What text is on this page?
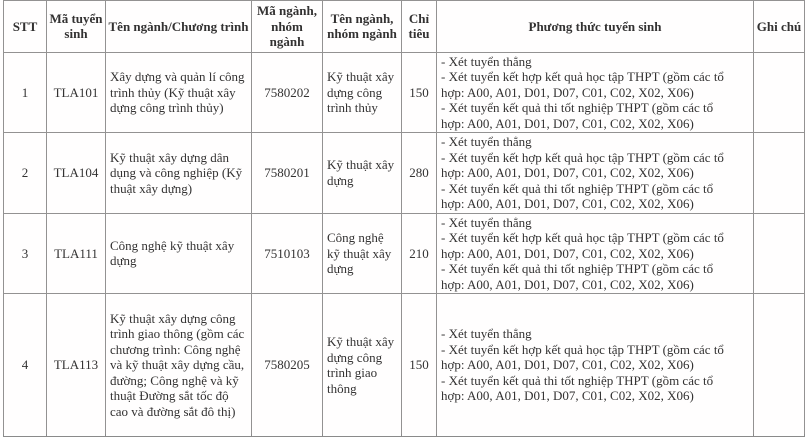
STT	Mã tuyển sinh	Tên ngành/Chương trình	Mã ngành, nhóm ngành	Tên ngành, nhóm ngành	Chỉ tiêu	Phương thức tuyển sinh	Ghi chú
1	TLA101	Xây dựng và quản lí công trình thủy (Kỹ thuật xây dựng công trình thủy)	7580202	Kỹ thuật xây dựng công trình thủy	150	- Xét tuyển thẳng
- Xét tuyển kết hợp kết quả học tập THPT (gồm các tổ
hợp: A00, A01, D01, D07, C01, C02, X02, X06)
- Xét tuyển kết quả thi tốt nghiệp THPT (gồm các tổ
hợp: A00, A01, D01, D07, C01, C02, X02, X06)	

2	TLA104	Kỹ thuật xây dựng dân dụng và công nghiệp (Kỹ thuật xây dựng)	7580201	Kỹ thuật xây dựng	280	- Xét tuyển thẳng
- Xét tuyển kết hợp kết quả học tập THPT (gồm các tổ
hợp: A00, A01, D01, D07, C01, C02, X02, X06)
- Xét tuyển kết quả thi tốt nghiệp THPT (gồm các tổ
hợp: A00, A01, D01, D07, C01, C02, X02, X06)	

3	TLA111	Công nghệ kỹ thuật xây dựng	7510103	Công nghệ kỹ thuật xây dựng	210	- Xét tuyển thẳng
- Xét tuyển kết hợp kết quả học tập THPT (gồm các tổ
hợp: A00, A01, D01, D07, C01, C02, X02, X06)
- Xét tuyển kết quả thi tốt nghiệp THPT (gồm các tổ
hợp: A00, A01, D01, D07, C01, C02, X02, X06)	

4	TLA113	Kỹ thuật xây dựng công trình giao thông (gồm các chương trình: Công nghệ và kỹ thuật xây dựng cầu, đường; Công nghệ và kỹ thuật Đường sắt tốc độ cao và đường sắt đô thị)	7580205	Kỹ thuật xây dựng công trình giao thông	150	- Xét tuyển thẳng
- Xét tuyển kết hợp kết quả học tập THPT (gồm các tổ
hợp: A00, A01, D01, D07, C01, C02, X02, X06)
- Xét tuyển kết quả thi tốt nghiệp THPT (gồm các tổ
hợp: A00, A01, D01, D07, C01, C02, X02, X06)	
